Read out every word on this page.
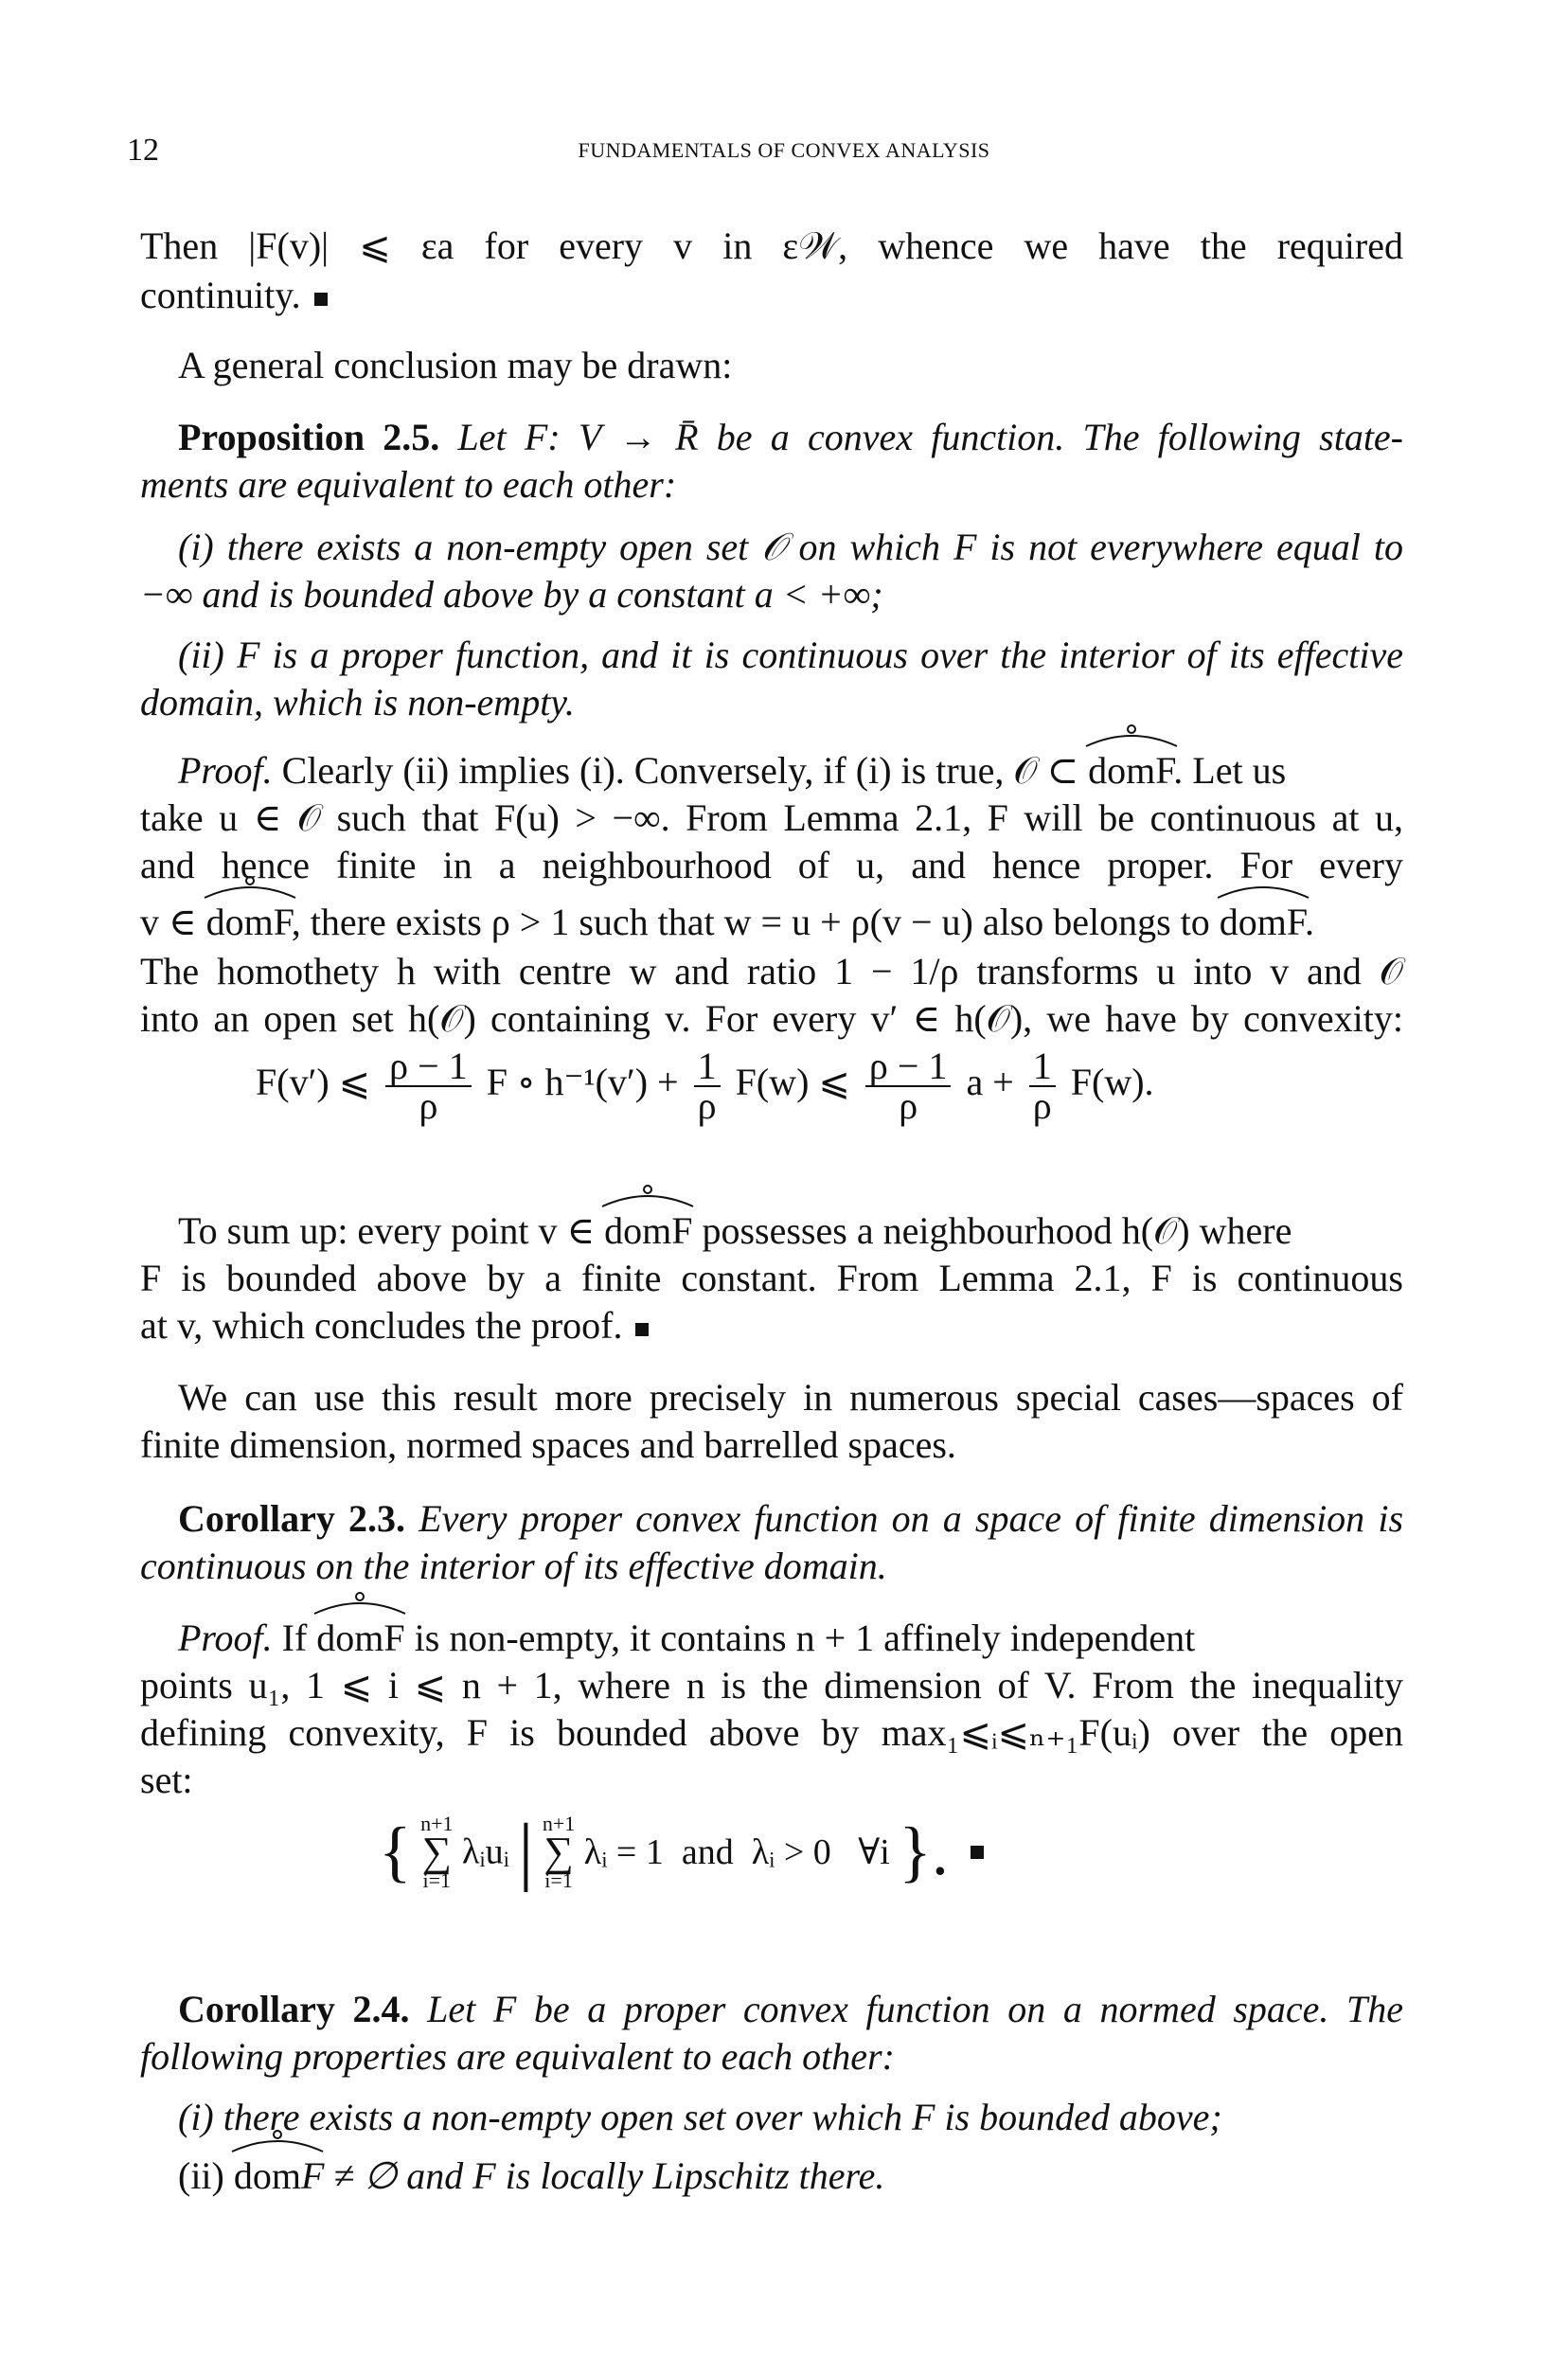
12	FUNDAMENTALS OF CONVEX ANALYSIS
Then |F(v)| ⩽ εa for every v in ε𝒲, whence we have the required
continuity.
A general conclusion may be drawn:
Proposition 2.5. Let F: V → R̄ be a convex function. The following state-
ments are equivalent to each other:
(i) there exists a non-empty open set 𝒪 on which F is not everywhere equal to
−∞ and is bounded above by a constant a < +∞;
(ii) F is a proper function, and it is continuous over the interior of its effective
domain, which is non-empty.
Proof. Clearly (ii) implies (i). Conversely, if (i) is true, 𝒪 ⊂ domF. Let us
take u ∈ 𝒪 such that F(u) > −∞. From Lemma 2.1, F will be continuous at u,
and hence finite in a neighbourhood of u, and hence proper. For every
v ∈ domF, there exists ρ > 1 such that w = u + ρ(v − u) also belongs to domF.
The homothety h with centre w and ratio 1 − 1/ρ transforms u into v and 𝒪
into an open set h(𝒪) containing v. For every v′ ∈ h(𝒪), we have by convexity:
F(v′) ⩽ $\frac{\rho - 1}{\rho}$ F ∘ $h^{-1}(v') + \frac{1}{\rho} F(w)$ ⩽ $\frac{\rho - 1}{\rho}$ $a + \frac{1}{\rho} F(w)$.
To sum up: every point v ∈ domF possesses a neighbourhood h(𝒪) where
F is bounded above by a finite constant. From Lemma 2.1, F is continuous
at v, which concludes the proof.
We can use this result more precisely in numerous special cases—spaces of
finite dimension, normed spaces and barrelled spaces.
Corollary 2.3. Every proper convex function on a space of finite dimension is
continuous on the interior of its effective domain.
Proof. If domF is non-empty, it contains n + 1 affinely independent
points u₁, 1 ⩽ i ⩽ n + 1, where n is the dimension of V. From the inequality
defining convexity, F is bounded above by max₁⩽ᵢ⩽ₙ₊₁F(uᵢ) over the open
set:
{ n+1
∑
i=1
λᵢuᵢ | n+1
∑
i=1
λᵢ = 1  and  λᵢ > 0   ∀i }.
Corollary 2.4. Let F be a proper convex function on a normed space. The
following properties are equivalent to each other:
(i) there exists a non-empty open set over which F is bounded above;
(ii) domF ≠ ∅ and F is locally Lipschitz there.
